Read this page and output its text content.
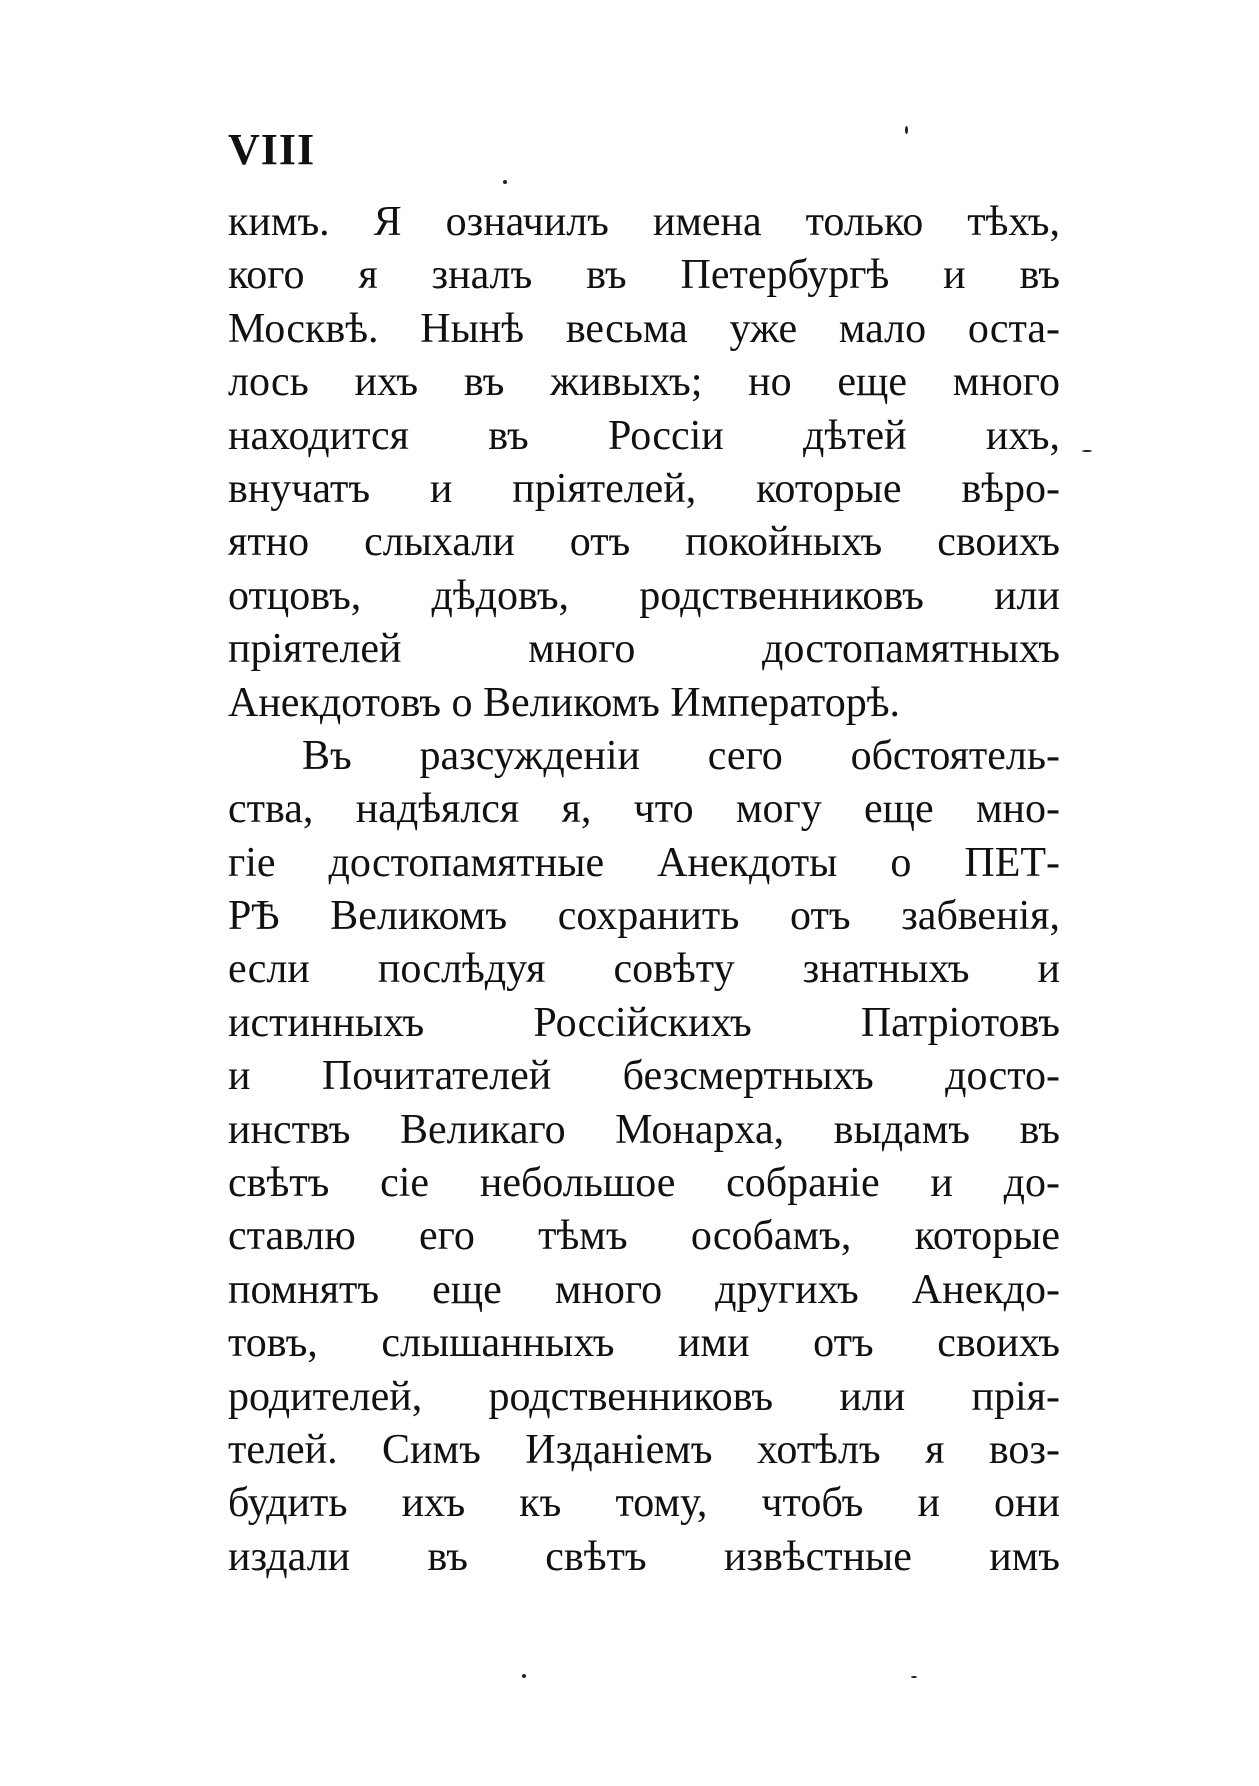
VIII
кимъ. Я означилъ имена только тѣхъ,
кого я зналъ въ Петербургѣ и въ
Москвѣ. Нынѣ весьма уже мало оста-
лось ихъ въ живыхъ; но еще много
находится въ Россіи дѣтей ихъ,
внучатъ и пріятелей, которые вѣро-
ятно слыхали отъ покойныхъ своихъ
отцовъ, дѣдовъ, родственниковъ или
пріятелей много достопамятныхъ
Анекдотовъ о Великомъ Императорѣ.
Въ разсужденіи сего обстоятель-
ства, надѣялся я, что могу еще мно-
гіе достопамятные Анекдоты о ПЕТ-
РѢ Великомъ сохранить отъ забвенія,
если послѣдуя совѣту знатныхъ и
истинныхъ Россійскихъ Патріотовъ
и Почитателей безсмертныхъ досто-
инствъ Великаго Монарха, выдамъ въ
свѣтъ сіе небольшое собраніе и до-
ставлю его тѣмъ особамъ, которые
помнятъ еще много другихъ Анекдо-
товъ, слышанныхъ ими отъ своихъ
родителей, родственниковъ или прія-
телей. Симъ Изданіемъ хотѣлъ я воз-
будить ихъ къ тому, чтобъ и они
издали въ свѣтъ извѣстные имъ
